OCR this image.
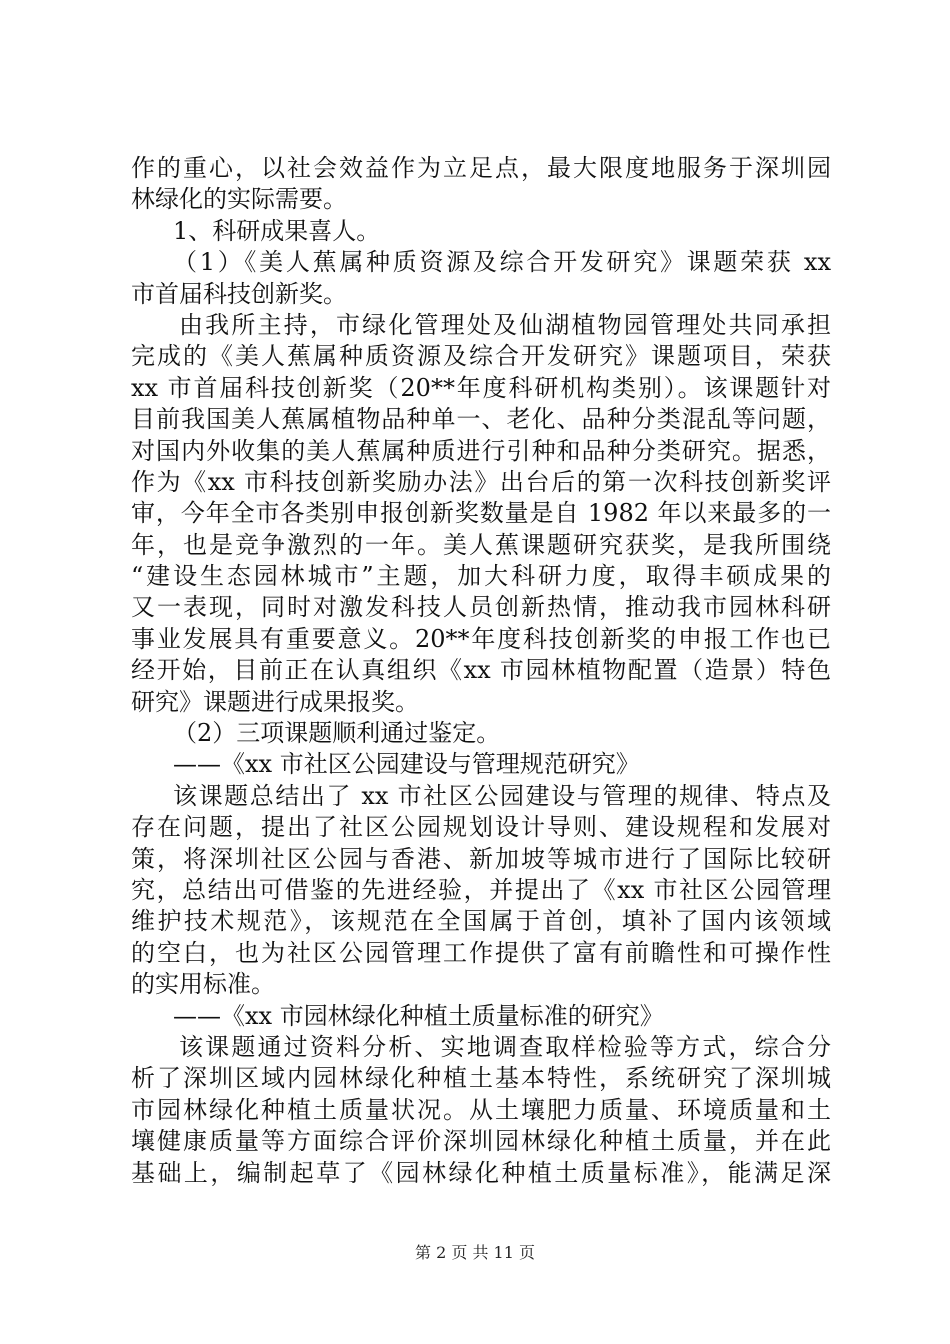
作的重心，以社会效益作为立足点，最大限度地服务于深圳园
林绿化的实际需要。
1、科研成果喜人。
（1）《美人蕉属种质资源及综合开发研究》课题荣获 xx
市首届科技创新奖。
由我所主持，市绿化管理处及仙湖植物园管理处共同承担
完成的《美人蕉属种质资源及综合开发研究》课题项目，荣获
xx 市首届科技创新奖（20**年度科研机构类别）。该课题针对
目前我国美人蕉属植物品种单一、老化、品种分类混乱等问题，
对国内外收集的美人蕉属种质进行引种和品种分类研究。据悉，
作为《xx 市科技创新奖励办法》出台后的第一次科技创新奖评
审，今年全市各类别申报创新奖数量是自 1982 年以来最多的一
年，也是竞争激烈的一年。美人蕉课题研究获奖，是我所围绕
“建设生态园林城市”主题，加大科研力度，取得丰硕成果的
又一表现，同时对激发科技人员创新热情，推动我市园林科研
事业发展具有重要意义。20**年度科技创新奖的申报工作也已
经开始，目前正在认真组织《xx 市园林植物配置（造景）特色
研究》课题进行成果报奖。
（2）三项课题顺利通过鉴定。
——《xx 市社区公园建设与管理规范研究》
该课题总结出了 xx 市社区公园建设与管理的规律、特点及
存在问题，提出了社区公园规划设计导则、建设规程和发展对
策，将深圳社区公园与香港、新加坡等城市进行了国际比较研
究，总结出可借鉴的先进经验，并提出了《xx 市社区公园管理
维护技术规范》，该规范在全国属于首创，填补了国内该领域
的空白，也为社区公园管理工作提供了富有前瞻性和可操作性
的实用标准。
——《xx 市园林绿化种植土质量标准的研究》
该课题通过资料分析、实地调查取样检验等方式，综合分
析了深圳区域内园林绿化种植土基本特性，系统研究了深圳城
市园林绿化种植土质量状况。从土壤肥力质量、环境质量和土
壤健康质量等方面综合评价深圳园林绿化种植土质量，并在此
基础上，编制起草了《园林绿化种植土质量标准》，能满足深
第 2 页 共 11 页
